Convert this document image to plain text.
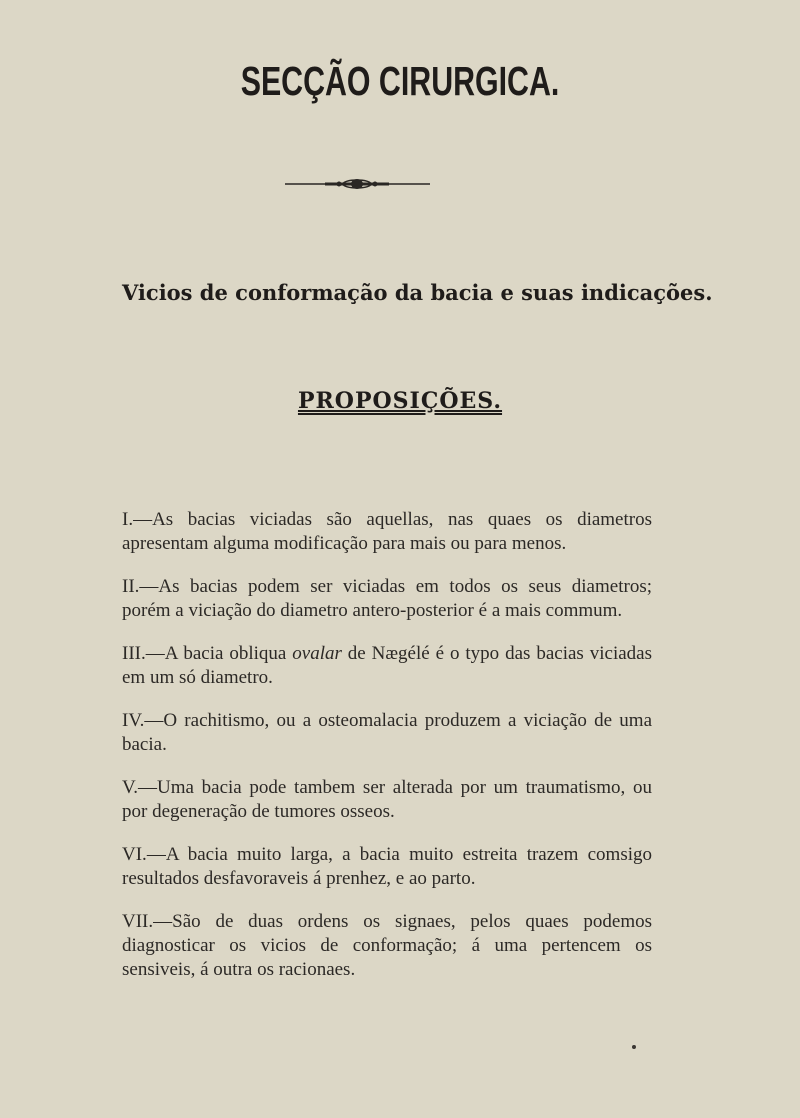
SECÇÃO CIRURGICA.
Vicios de conformação da bacia e suas indicações.
PROPOSIÇÕES.
I.—As bacias viciadas são aquellas, nas quaes os diametros apresentam alguma modificação para mais ou para menos.
II.—As bacias podem ser viciadas em todos os seus diametros; porém a viciação do diametro antero-posterior é a mais commum.
III.—A bacia obliqua ovalar de Nægélé é o typo das bacias viciadas em um só diametro.
IV.—O rachitismo, ou a osteomalacia produzem a viciação de uma bacia.
V.—Uma bacia pode tambem ser alterada por um traumatismo, ou por degeneração de tumores osseos.
VI.—A bacia muito larga, a bacia muito estreita trazem comsigo resultados desfavoraveis á prenhez, e ao parto.
VII.—São de duas ordens os signaes, pelos quaes podemos diagnosticar os vicios de conformação; á uma pertencem os sensiveis, á outra os racionaes.
